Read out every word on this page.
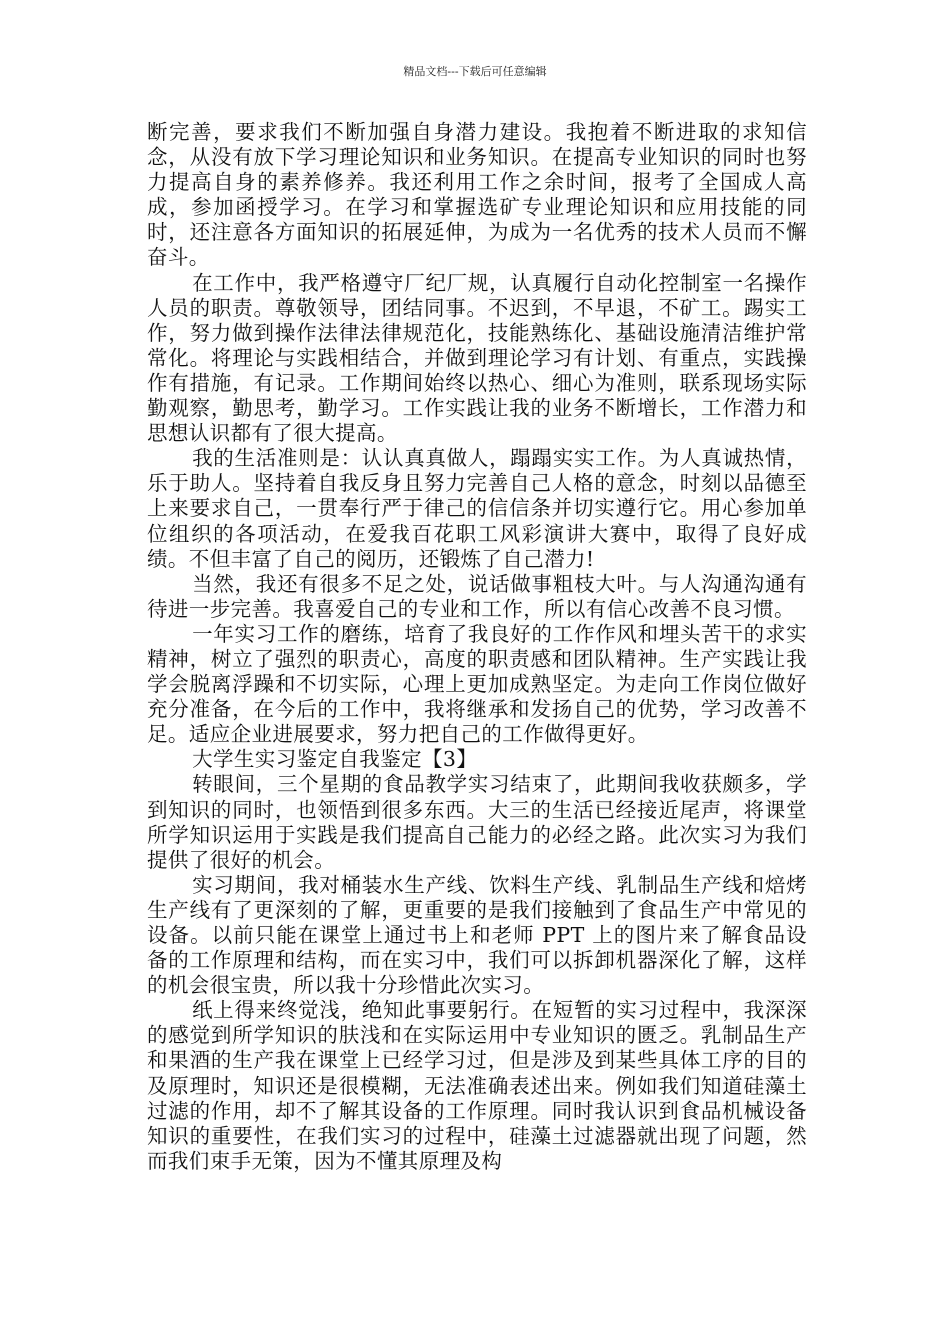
精品文档---下载后可任意编辑

断完善，要求我们不断加强自身潜力建设。我抱着不断进取的求知信念，从没有放下学习理论知识和业务知识。在提高专业知识的同时也努力提高自身的素养修养。我还利用工作之余时间，报考了全国成人高成，参加函授学习。在学习和掌握选矿专业理论知识和应用技能的同时，还注意各方面知识的拓展延伸，为成为一名优秀的技术人员而不懈奋斗。

在工作中，我严格遵守厂纪厂规，认真履行自动化控制室一名操作人员的职责。尊敬领导，团结同事。不迟到，不早退，不矿工。踢实工作，努力做到操作法律法律规范化，技能熟练化、基础设施清洁维护常常化。将理论与实践相结合，并做到理论学习有计划、有重点，实践操作有措施，有记录。工作期间始终以热心、细心为准则，联系现场实际勤观察，勤思考，勤学习。工作实践让我的业务不断增长，工作潜力和思想认识都有了很大提高。

我的生活准则是：认认真真做人，蹋蹋实实工作。为人真诚热情，乐于助人。坚持着自我反身且努力完善自己人格的意念，时刻以品德至上来要求自己，一贯奉行严于律己的信信条并切实遵行它。用心参加单位组织的各项活动，在爱我百花职工风彩演讲大赛中，取得了良好成绩。不但丰富了自己的阅历，还锻炼了自己潜力!

当然，我还有很多不足之处，说话做事粗枝大叶。与人沟通沟通有待进一步完善。我喜爱自己的专业和工作，所以有信心改善不良习惯。

一年实习工作的磨练，培育了我良好的工作作风和埋头苦干的求实精神，树立了强烈的职责心，高度的职责感和团队精神。生产实践让我学会脱离浮躁和不切实际，心理上更加成熟坚定。为走向工作岗位做好充分准备，在今后的工作中，我将继承和发扬自己的优势，学习改善不足。适应企业进展要求，努力把自己的工作做得更好。

大学生实习鉴定自我鉴定【3】

转眼间，三个星期的食品教学实习结束了，此期间我收获颇多，学到知识的同时，也领悟到很多东西。大三的生活已经接近尾声，将课堂所学知识运用于实践是我们提高自己能力的必经之路。此次实习为我们提供了很好的机会。

实习期间，我对桶装水生产线、饮料生产线、乳制品生产线和焙烤生产线有了更深刻的了解，更重要的是我们接触到了食品生产中常见的设备。以前只能在课堂上通过书上和老师 PPT 上的图片来了解食品设备的工作原理和结构，而在实习中，我们可以拆卸机器深化了解，这样的机会很宝贵，所以我十分珍惜此次实习。

纸上得来终觉浅，绝知此事要躬行。在短暂的实习过程中，我深深的感觉到所学知识的肤浅和在实际运用中专业知识的匮乏。乳制品生产和果酒的生产我在课堂上已经学习过，但是涉及到某些具体工序的目的及原理时，知识还是很模糊，无法准确表述出来。例如我们知道硅藻土过滤的作用，却不了解其设备的工作原理。同时我认识到食品机械设备知识的重要性，在我们实习的过程中，硅藻土过滤器就出现了问题，然而我们束手无策，因为不懂其原理及构
